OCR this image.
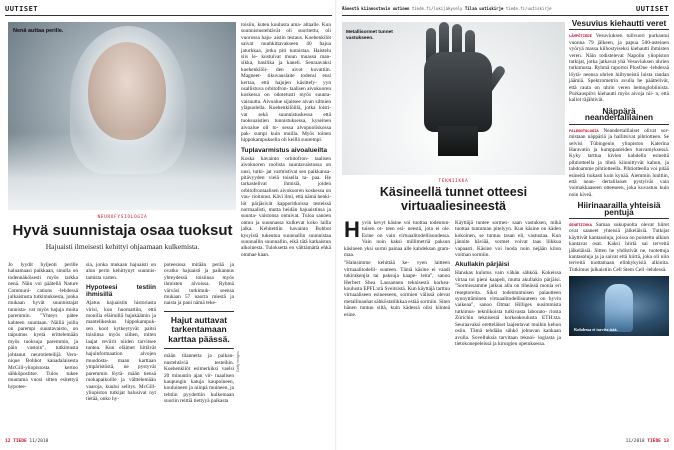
UUTISET
Nenä auttaa perille.

toisiin, kuten koulusta ama- altaalle. Kun suunnistustehtävät oli suoritettu, oli vuorossa haju- aistin testaus. Koehenkilöt saivat nuuhkittavakseen 40 hajua jaturkkaa, jotka piti tunnistaa. Haistelu siis le- kustuivat muun muassa man- sikka, basilika ja kaneli. Seuraavaksi koehenkilöi- den aivot kuvattiin. Magneet- tikuvauslaite todensi ensi kertaa, että hajujen käsittely- yyn osallistuva orbitofron- taalisen aivokuoren koskessa on odotetusti myös suunta- vaisuutta. Aivoalue sijaitsee aivan silmien yläpuolella. Koehenkilöillä, jotka loisti- vat sekä suunnistuskessa että tuoksuaistien tunnistuksessa, kyseinen aivoalue oli to- sessa alvopuoliskossa pak- sumpi kuin muilla. Myös toinen hippokampuksella oli keillä suurempi.

Tuplavarmistus aivoalueilta

Koska havainto orbitofron- taalisen aivokuoren roolista suuntavaistossa on uusi, tutki- jat varmistivat sen paikkansa- pitävyyden vielä toisella ta- paa. He tarkastelivat ihmisiä, joiden orbitofrontaalisen aivokuoren koskessa on vau- rioitunut. Kävi ilmi, että nämä henki- löt pärjäsivät kapporitkoissa testeissä normaalisti, mutta heidän hajuaistinsa ja suunta- vaistonsa ontuivat. Tuloa sanoen ontuu ja suunnassa kulkevat koko lailla jalka. Kehitettiin havainto Bohbot kysyistä tukeutua suunnallin suunnistaa suunnallin suunnallin, eikä tätä katkaistun alkoinesta. Tuloksetta en välttämättä ehkä ommae kaan.

NEUROFYSIOLOGIA
Hyvä suunnistaja osaa tuoksut
Hajuaisti ilmeisesti kehittyi ohjaamaan kulkemista.

Jo lyydit hyljeoti perille haluamaasi paikkaan, sinulla on todennäköisesti myös tarkka nenä. Näin voi päätellä Nature Communi- cations -lehdessä julkaistusta tutkimuksesta, jonka mukaan hyvät suunnistajat tunnista- vat myös hajuja muita paremmin. "Yhteys pätee kahteen suuntaan. Näillä joilla on parempi suuntavaisto, on taipumus kyetä erittelemään myös tuoksuja paremmin, ja päin vastoin", tutkimusta johtanut neurotieteilijä Vero- nique Bohbot kanadalaisesta McGill-yliopistosta kertoo sähköpostitse. Tulos tukee muutama vuosi sitten esitettyä hypotee-

sia, jonka mukaan hajuaisti on alun perin kehittynyt suunnis- tamista varten.

Hypoteesi testiin ihmisillä

Ajatus hajuaistin historiasta virisi, kun huomattiin, että monilla eläimillä hajukäämin ja mantelikeskus hippokampuk- sen koot kytkeytyvät paitsi toisiinsa myös siihen, miten laajat reviirit niiden tarvitsee tuntea. Kun eläimet liittävät hajuinformaation alvojen muodosta- maan karttaan ympäristöstä, ne pystyvät paremmin löytä- mään tiensä ruokapaikoille ja välttelemään vaaroja, kuului selitys. McGill-yliopiston tutkijat halusivat nyt tietää, onko hy-

poteesissa mitään perää ja ovatko hajuaisti ja paikannus yhteydessä toisiinsa myös ihmisten aivoissa. Ryhmä värväsi tutkimuk- seensa mukaan 57 naorta miestä ja naista ja pani nämä teke-

Hajut auttavat tarkentamaan karttaa päässä.

mään tilannetta ja paikan- nustehtäviä testeihin. Koehenkilöt esimerkiksi vaelsi 20 minuutin ajan vir- tuaalisen kaupungin katuja kaupoineen, kouluineen ja niinpä muineen, ja tehtiin pyydettiin kulkemaan suoriin reittiä tiettyyä paikasta

Getty Images
12 TIEDE 11/2018
Äänestä kiinnostavin uutinen tiede.fi/lukijakysely Tilaa uutiskirje tiede.fi/uutiskirje	UUTISET
Metallisormet tunnet vastukseen.
TEKNIIKKA
Käsineellä tunnet otteesi virtuaaliesineestä

Hyvin kevyt käsine voi tuottaa todentun- tuisen ot- teen esi- neestä, jota ei ole. Esine on vain virtuaalitodellisuudessa. Vain noin kaksi millimetriä paksun käsineen yksi sormi painaa alle kahdeksan gram- maa.

"Halusimme kehittää ke- vyen laitteen virtuaalitodelli- suuteen. Tämä käsine ei vaadi tukirakenjia tai paksuja kaape- leita", sanoo Herbert Shea Lausannen teknisestä korkea- koulusta EPFL:stä Sveitsistä. Kun käyttäjä tarttuu virtuaaliseen esineeseen, sormien välissä olevat metallinauhat sähköstatiikkaa estää sormiin. Siten hänen tuntuu siltä, kuin kädessä olisi kiinteä esine.

Käyttäjä tuntee sormes- saan vastuksen, mikä tuottaa tuntuman pitelyyn. Kun käsine on käden kokoinen, se tuntuu tasan eli, vastustaa. Kun jännite häviää, sormet voivat taas liikkua vapaasti. Käsine voi luoda noin nejään kilon voiman sormiin.

Akullakin pärjäisi

Hanskas kulutus vain vähän sähköä. Kokeissa virtaa toi pieni kaapeli, mutta akullakin pärjäisi. "Sormissamme jatkuu alla on tiheässä monia eri reseptoreita. Siksi todentuntuisen palautteen synnyttäminen virtuaalitodellisuuteen on hyvin vaikeaa", sanoo Otmar Hilliges uusimmista tutkimus- tekniikoista tutkivasta laborato- riosta Zürichin teknisestä korkeakoulusta ETH:sta. Seuraavaksi eretteläiset laajentavat muihin kehon osiin. Tämä tehdään sähkö johtavan kankaan avulla. Sovelluksia tarvitaan teknoi- logiasta ja tietokonepeleissä ja kirurgien opetuksessa.

Vesuvius kiehautti veret

LÄMPÖTIEDE Vesuviuksen tulivuori purkautui vuonna 79 jälkeen, ja papua 500-asteinen vyöryä massa kiihostyiseksi kiehautti ihmisten veren. Näin todistelevat Napolin yliopiston tutkijat, jotka jatkavat yhä Vesuviuksen uhrien tutkimusta. Ryhmä raportoi PlosOne -lehdessä löytä- neensa uhrien hiiltyneistä luista raudan jäämiä. Spektrometrin avulla he päättelivät, että rauta on uhrin veren hemoglobiinista. Purkauspilvi kiehautti myös aivoja nii- n, että kallot räjähtivät.

Näppärä neandertalilainen

PALEONTOLOGIA Neandertalilaiset olivat sor- mistaan näppäriä ja hallitsivat pihtiotteen. Se selvisi Tübingenin yliopiston Katerina Haravatin ja kumppaneiden tuuvamyksessä. Kyky tarttua kivien kahdella esineitä pihtiotteella ja tiheä kiinnittyvät kahun, ja tahdoamme pihtiotteella. Pihtiotteella voi pitää esineitä tiukasti kuin kynää. Aiemmin luultiin, että nean- dertalilaiset pystyivät vain voimakkaaseen otteeseen, joka kuvastuu kuin noin kiveä.

Hiirinaarailla yhteisiä pentuja

GENETIIKKA Samaa sukupuolta olevat hiiret ovat saaneet yhteisiä jälkeläisiä. Tutkijat käyttivät kantasoluja, joissa on poistettu alkion kantavat osat. Kaksi hiirtä sai terveitä jälkeläisiä. Sitten he yhdistivät ne, tuotettuja kantasoluja ja ja saivat että hiirtä, joka oli niin terveitä tuottamaan elinkykyisiä alkioita. Tutkimus julkaistiin Cell Stem Cell -lehdessä.

Kohdessa ei tarvita isää.
11/2018 TIEDE 13
